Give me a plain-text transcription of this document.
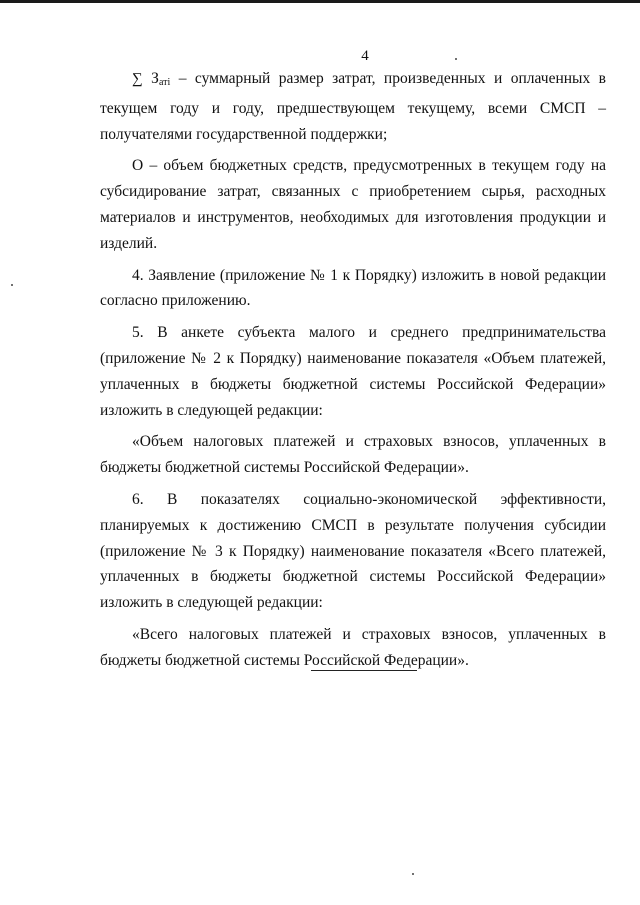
4

∑ $З_{аті}$ – суммарный размер затрат, произведенных и оплаченных в текущем году и году, предшествующем текущему, всеми СМСП – получателями государственной поддержки;

О – объем бюджетных средств, предусмотренных в текущем году на субсидирование затрат, связанных с приобретением сырья, расходных материалов и инструментов, необходимых для изготовления продукции и изделий.

4. Заявление (приложение № 1 к Порядку) изложить в новой редакции согласно приложению.

5. В анкете субъекта малого и среднего предпринимательства (приложение № 2 к Порядку) наименование показателя «Объем платежей, уплаченных в бюджеты бюджетной системы Российской Федерации» изложить в следующей редакции:

«Объем налоговых платежей и страховых взносов, уплаченных в бюджеты бюджетной системы Российской Федерации».

6. В показателях социально-экономической эффективности, планируемых к достижению СМСП в результате получения субсидии (приложение № 3 к Порядку) наименование показателя «Всего платежей, уплаченных в бюджеты бюджетной системы Российской Федерации» изложить в следующей редакции:

«Всего налоговых платежей и страховых взносов, уплаченных в бюджеты бюджетной системы Российской Федерации».
